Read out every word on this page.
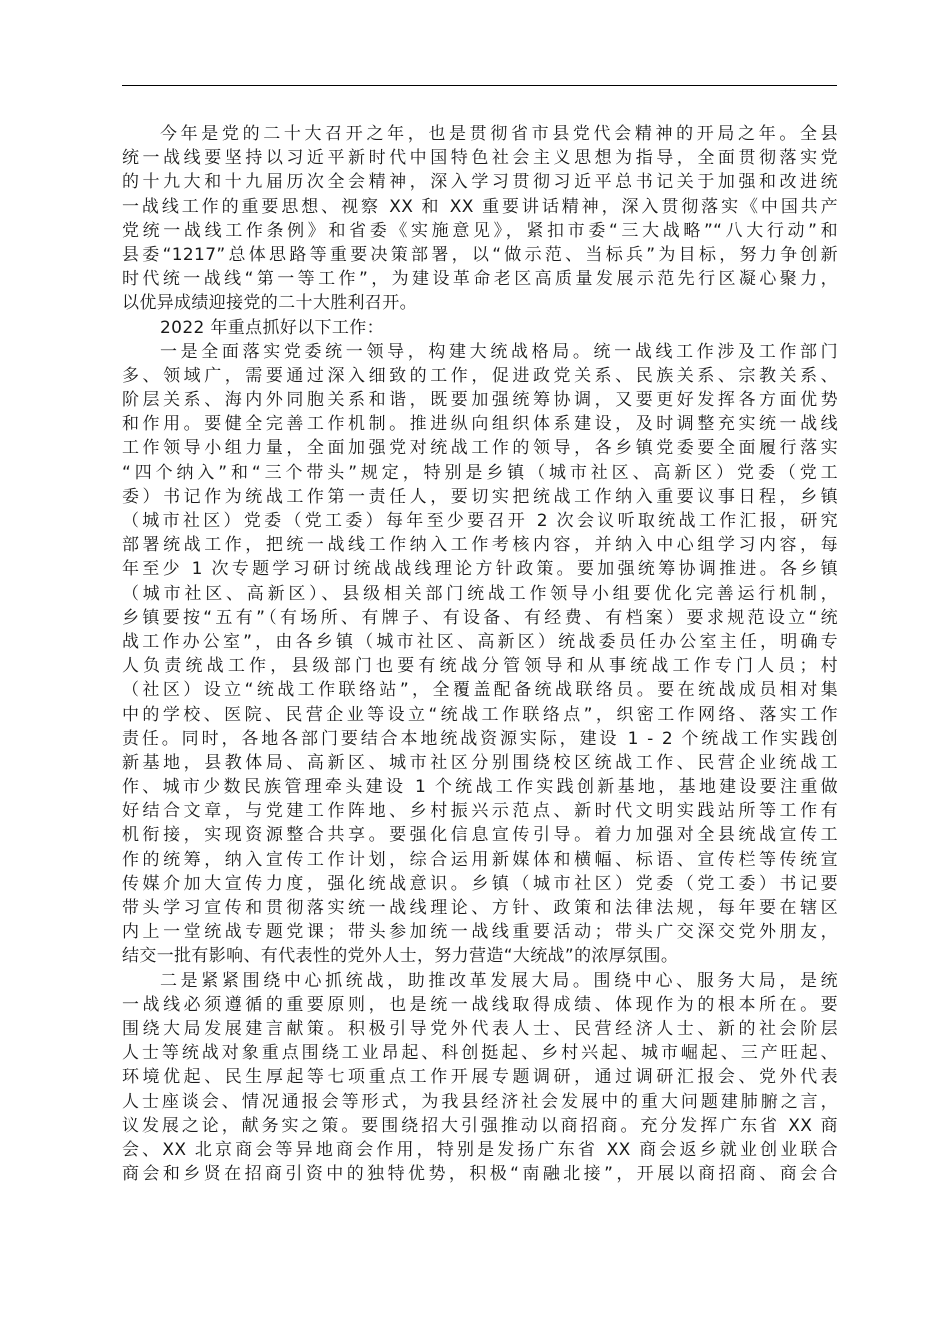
今年是党的二十大召开之年，也是贯彻省市县党代会精神的开局之年。全县
统一战线要坚持以习近平新时代中国特色社会主义思想为指导，全面贯彻落实党
的十九大和十九届历次全会精神，深入学习贯彻习近平总书记关于加强和改进统
一战线工作的重要思想、视察 XX 和 XX 重要讲话精神，深入贯彻落实《中国共产
党统一战线工作条例》和省委《实施意见》，紧扣市委“三大战略”“八大行动”和
县委“1217”总体思路等重要决策部署，以“做示范、当标兵”为目标，努力争创新
时代统一战线“第一等工作”，为建设革命老区高质量发展示范先行区凝心聚力，
以优异成绩迎接党的二十大胜利召开。
2022 年重点抓好以下工作：
一是全面落实党委统一领导，构建大统战格局。统一战线工作涉及工作部门
多、领域广，需要通过深入细致的工作，促进政党关系、民族关系、宗教关系、
阶层关系、海内外同胞关系和谐，既要加强统筹协调，又要更好发挥各方面优势
和作用。要健全完善工作机制。推进纵向组织体系建设，及时调整充实统一战线
工作领导小组力量，全面加强党对统战工作的领导，各乡镇党委要全面履行落实
“四个纳入”和“三个带头”规定，特别是乡镇（城市社区、高新区）党委（党工
委）书记作为统战工作第一责任人，要切实把统战工作纳入重要议事日程，乡镇
（城市社区）党委（党工委）每年至少要召开 2 次会议听取统战工作汇报，研究
部署统战工作，把统一战线工作纳入工作考核内容，并纳入中心组学习内容，每
年至少 1 次专题学习研讨统战战线理论方针政策。要加强统筹协调推进。各乡镇
（城市社区、高新区）、县级相关部门统战工作领导小组要优化完善运行机制，
乡镇要按“五有”（有场所、有牌子、有设备、有经费、有档案）要求规范设立“统
战工作办公室”，由各乡镇（城市社区、高新区）统战委员任办公室主任，明确专
人负责统战工作，县级部门也要有统战分管领导和从事统战工作专门人员；村
（社区）设立“统战工作联络站”，全覆盖配备统战联络员。要在统战成员相对集
中的学校、医院、民营企业等设立“统战工作联络点”，织密工作网络、落实工作
责任。同时，各地各部门要结合本地统战资源实际，建设 1 - 2 个统战工作实践创
新基地，县教体局、高新区、城市社区分别围绕校区统战工作、民营企业统战工
作、城市少数民族管理牵头建设 1 个统战工作实践创新基地，基地建设要注重做
好结合文章，与党建工作阵地、乡村振兴示范点、新时代文明实践站所等工作有
机衔接，实现资源整合共享。要强化信息宣传引导。着力加强对全县统战宣传工
作的统筹，纳入宣传工作计划，综合运用新媒体和横幅、标语、宣传栏等传统宣
传媒介加大宣传力度，强化统战意识。乡镇（城市社区）党委（党工委）书记要
带头学习宣传和贯彻落实统一战线理论、方针、政策和法律法规，每年要在辖区
内上一堂统战专题党课；带头参加统一战线重要活动；带头广交深交党外朋友，
结交一批有影响、有代表性的党外人士，努力营造“大统战”的浓厚氛围。
二是紧紧围绕中心抓统战，助推改革发展大局。围绕中心、服务大局，是统
一战线必须遵循的重要原则，也是统一战线取得成绩、体现作为的根本所在。要
围绕大局发展建言献策。积极引导党外代表人士、民营经济人士、新的社会阶层
人士等统战对象重点围绕工业昂起、科创挺起、乡村兴起、城市崛起、三产旺起、
环境优起、民生厚起等七项重点工作开展专题调研，通过调研汇报会、党外代表
人士座谈会、情况通报会等形式，为我县经济社会发展中的重大问题建肺腑之言，
议发展之论，献务实之策。要围绕招大引强推动以商招商。充分发挥广东省 XX 商
会、XX 北京商会等异地商会作用，特别是发扬广东省 XX 商会返乡就业创业联合
商会和乡贤在招商引资中的独特优势，积极“南融北接”，开展以商招商、商会合
